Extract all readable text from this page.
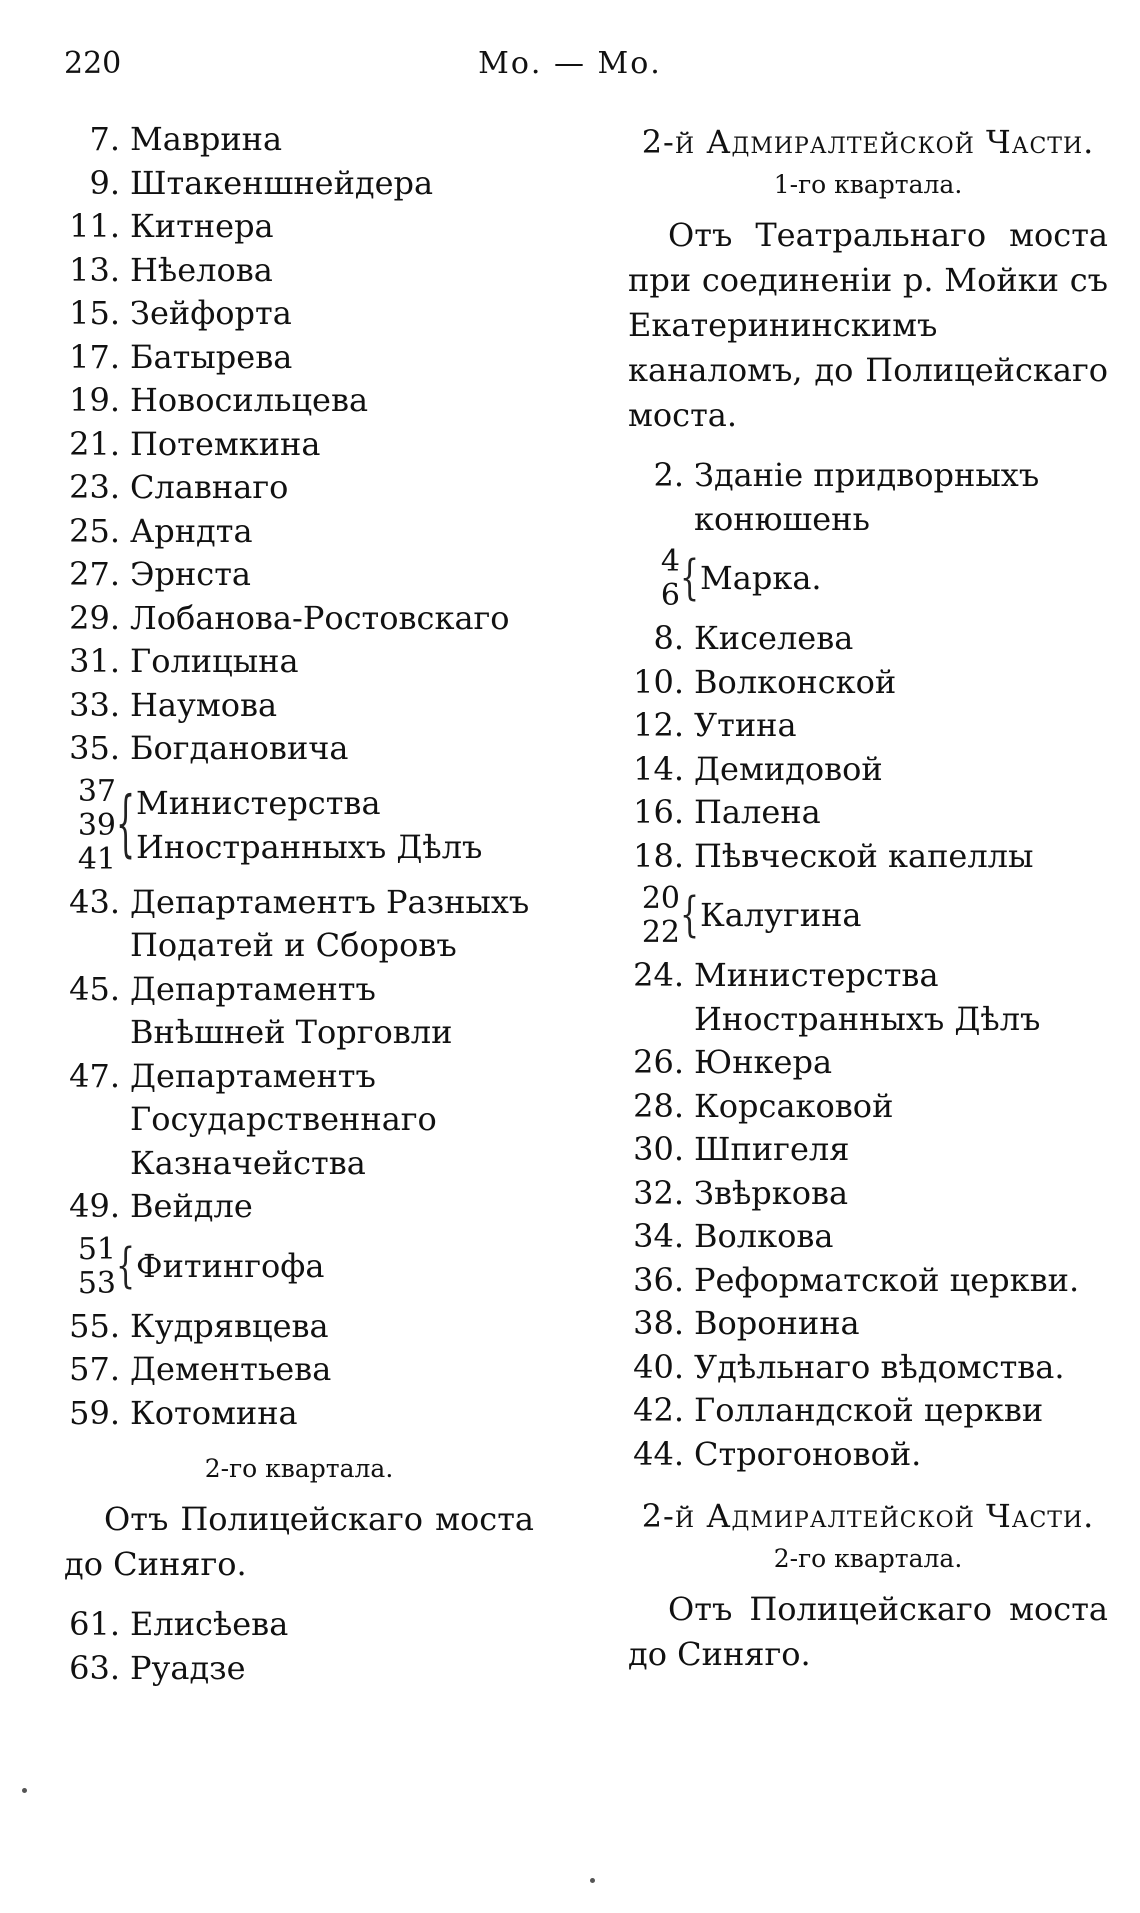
220	Мо. — Мо.
7. Маврина
9. Штакеншнейдера
11. Китнера
13. Нѣелова
15. Зейфорта
17. Батырева
19. Новосильцева
21. Потемкина
23. Славнаго
25. Арндта
27. Эрнста
29. Лобанова-Ростовскаго
31. Голицына
33. Наумова
35. Богдановича
37
39
41 { Министерства Иностранныхъ Дѣлъ
43. Департаментъ Разныхъ Податей и Сборовъ
45. Департаментъ Внѣшней Торговли
47. Департаментъ Государственнаго Казначейства
49. Вейдле
51
53 { Фитингофа
55. Кудрявцева
57. Дементьева
59. Котомина
2-го квартала.
Отъ Полицейскаго моста до Синяго.
61. Елисѣева
63. Руадзе
2-й Адмиралтейской Части.
1-го квартала.
Отъ Театральнаго моста при соединеніи р. Мойки съ Екатерининскимъ каналомъ, до Полицейскаго моста.
2. Зданіе придворныхъ конюшень
4
6 { Марка.
8. Киселева
10. Волконской
12. Утина
14. Демидовой
16. Палена
18. Пѣвческой капеллы
20
22 { Калугина
24. Министерства Иностранныхъ Дѣлъ
26. Юнкера
28. Корсаковой
30. Шпигеля
32. Звѣркова
34. Волкова
36. Реформатской церкви.
38. Воронина
40. Удѣльнаго вѣдомства.
42. Голландской церкви
44. Строгоновой.
2-й Адмиралтейской Части.
2-го квартала.
Отъ Полицейскаго моста до Синяго.
